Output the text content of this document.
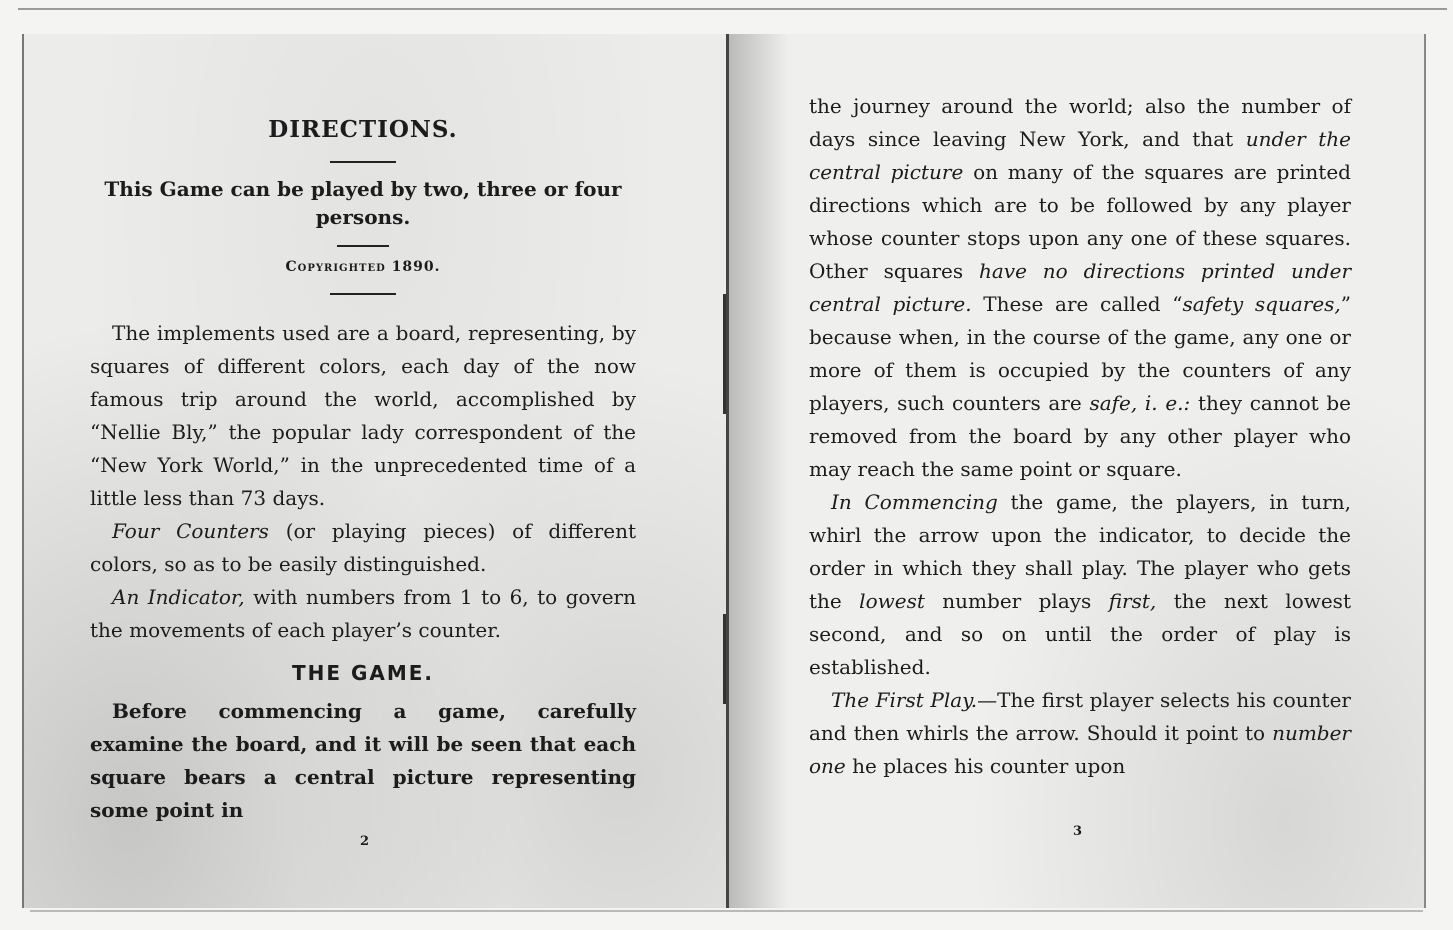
DIRECTIONS.
This Game can be played by two, three or four persons.
Copyrighted 1890.

The implements used are a board, representing, by squares of different colors, each day of the now famous trip around the world, accomplished by “Nellie Bly,” the popular lady correspondent of the “New York World,” in the unprecedented time of a little less than 73 days.

Four Counters (or playing pieces) of different colors, so as to be easily distinguished.

An Indicator, with numbers from 1 to 6, to govern the movements of each player’s counter.

THE GAME.

Before commencing a game, carefully examine the board, and it will be seen that each square bears a central picture representing some point in

2

the journey around the world; also the number of days since leaving New York, and that under the central picture on many of the squares are printed directions which are to be followed by any player whose counter stops upon any one of these squares. Other squares have no directions printed under central picture. These are called “safety squares,” because when, in the course of the game, any one or more of them is occupied by the counters of any players, such counters are safe, i. e.: they cannot be removed from the board by any other player who may reach the same point or square.

In Commencing the game, the players, in turn, whirl the arrow upon the indicator, to decide the order in which they shall play. The player who gets the lowest number plays first, the next lowest second, and so on until the order of play is established.

The First Play.—The first player selects his counter and then whirls the arrow. Should it point to number one he places his counter upon

3
